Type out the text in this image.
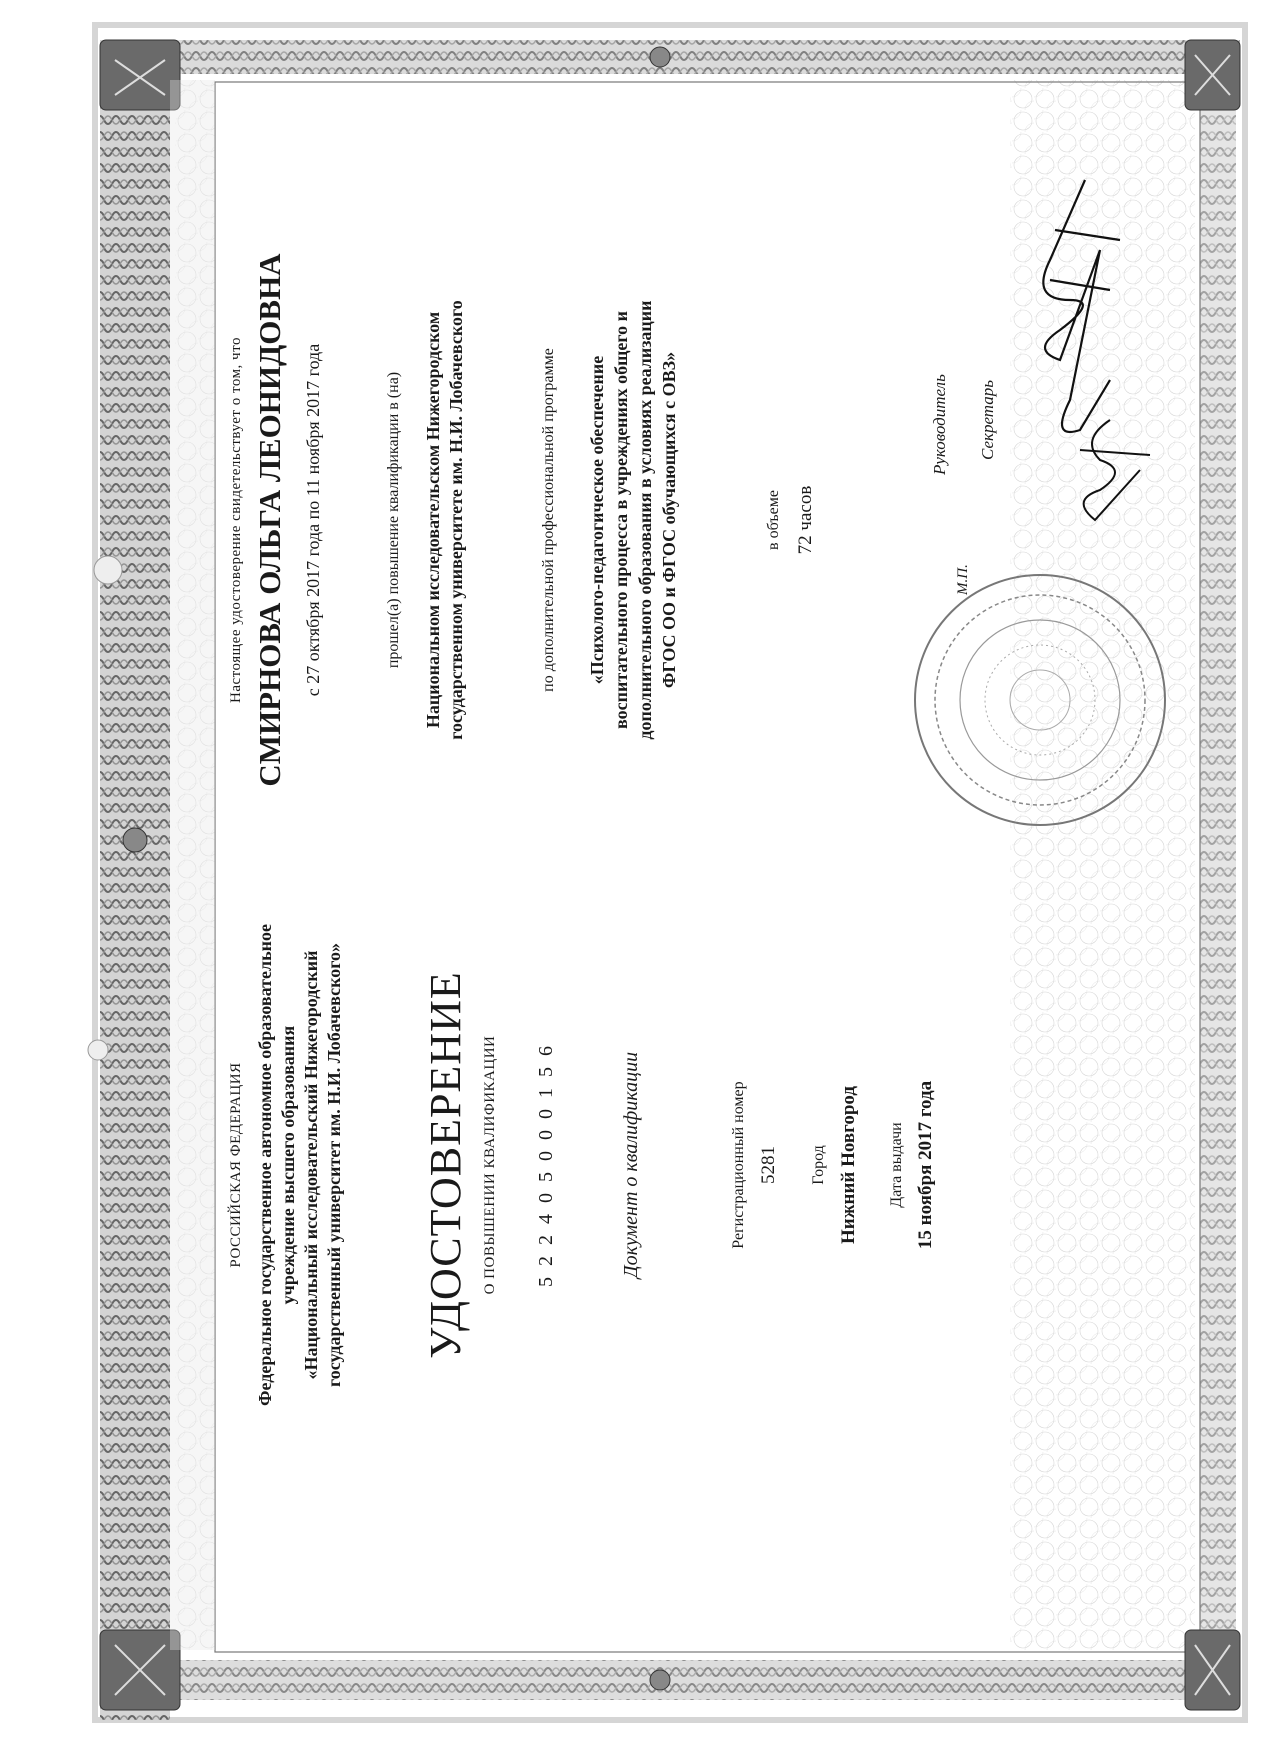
РОССИЙСКАЯ ФЕДЕРАЦИЯ Федеральное государственное автономное образовательное учреждение высшего образования «Национальный исследовательский Нижегородский государственный университет им. Н.И. Лобачевского» УДОСТОВЕРЕНИЕ О ПОВЫШЕНИИ КВАЛИФИКАЦИИ 5 2 2 4 0 5 0 0 0 1 5 6	Документ о квалификации	Регистрационный номер 5281 Город Нижний Новгород Дата выдачи 15 ноября 2017 года
Настоящее удостоверение свидетельствует о том, что СМИРНОВА ОЛЬГА ЛЕОНИДОВНА с 27 октября 2017 года по 11 ноября 2017 года	прошел(а) повышение квалификации в (на) Национальном исследовательском Нижегородском государственном университете им. Н.И. Лобачевского	по дополнительной профессиональной программе «Психолого-педагогическое обеспечение воспитательного процесса в учреждениях общего и дополнительного образования в условиях реализации ФГОС ОО и ФГОС обучающихся с ОВЗ»	в объеме 72 часов
М.П.
Руководитель Секретарь
